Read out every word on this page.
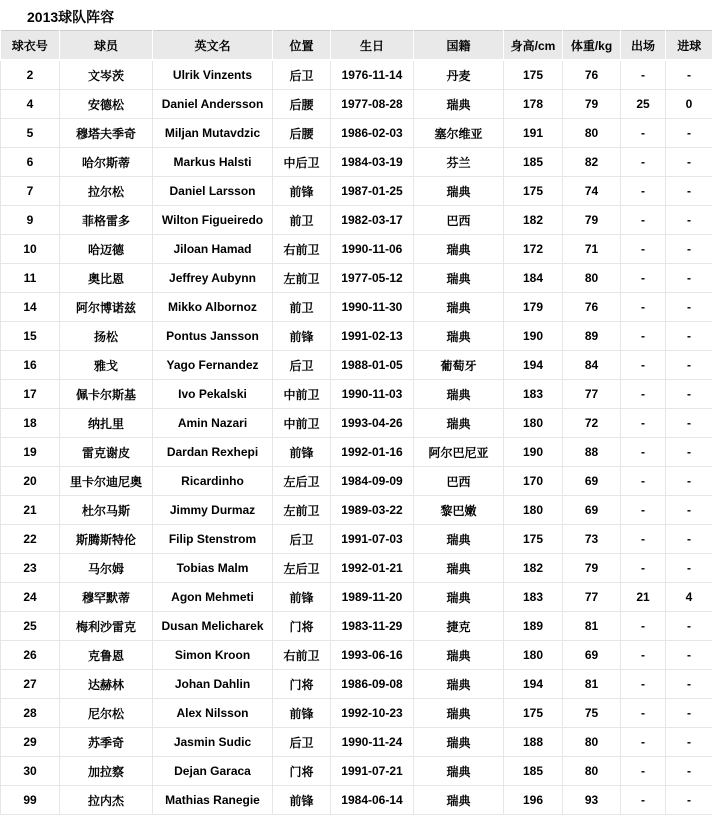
2013球队阵容
球衣号	球员	英文名	位置	生日	国籍	身高/cm	体重/kg	出场	进球
2	文岑茨	Ulrik Vinzents	后卫	1976-11-14	丹麦	175	76	-	-
4	安德松	Daniel Andersson	后腰	1977-08-28	瑞典	178	79	25	0
5	穆塔夫季奇	Miljan Mutavdzic	后腰	1986-02-03	塞尔维亚	191	80	-	-
6	哈尔斯蒂	Markus Halsti	中后卫	1984-03-19	芬兰	185	82	-	-
7	拉尔松	Daniel Larsson	前锋	1987-01-25	瑞典	175	74	-	-
9	菲格雷多	Wilton Figueiredo	前卫	1982-03-17	巴西	182	79	-	-
10	哈迈德	Jiloan Hamad	右前卫	1990-11-06	瑞典	172	71	-	-
11	奥比恩	Jeffrey Aubynn	左前卫	1977-05-12	瑞典	184	80	-	-
14	阿尔博诺兹	Mikko Albornoz	前卫	1990-11-30	瑞典	179	76	-	-
15	扬松	Pontus Jansson	前锋	1991-02-13	瑞典	190	89	-	-
16	雅戈	Yago Fernandez	后卫	1988-01-05	葡萄牙	194	84	-	-
17	佩卡尔斯基	Ivo Pekalski	中前卫	1990-11-03	瑞典	183	77	-	-
18	纳扎里	Amin Nazari	中前卫	1993-04-26	瑞典	180	72	-	-
19	雷克谢皮	Dardan Rexhepi	前锋	1992-01-16	阿尔巴尼亚	190	88	-	-
20	里卡尔迪尼奥	Ricardinho	左后卫	1984-09-09	巴西	170	69	-	-
21	杜尔马斯	Jimmy Durmaz	左前卫	1989-03-22	黎巴嫩	180	69	-	-
22	斯腾斯特伦	Filip Stenstrom	后卫	1991-07-03	瑞典	175	73	-	-
23	马尔姆	Tobias Malm	左后卫	1992-01-21	瑞典	182	79	-	-
24	穆罕默蒂	Agon Mehmeti	前锋	1989-11-20	瑞典	183	77	21	4
25	梅利沙雷克	Dusan Melicharek	门将	1983-11-29	捷克	189	81	-	-
26	克鲁恩	Simon Kroon	右前卫	1993-06-16	瑞典	180	69	-	-
27	达赫林	Johan Dahlin	门将	1986-09-08	瑞典	194	81	-	-
28	尼尔松	Alex Nilsson	前锋	1992-10-23	瑞典	175	75	-	-
29	苏季奇	Jasmin Sudic	后卫	1990-11-24	瑞典	188	80	-	-
30	加拉察	Dejan Garaca	门将	1991-07-21	瑞典	185	80	-	-
99	拉内杰	Mathias Ranegie	前锋	1984-06-14	瑞典	196	93	-	-
